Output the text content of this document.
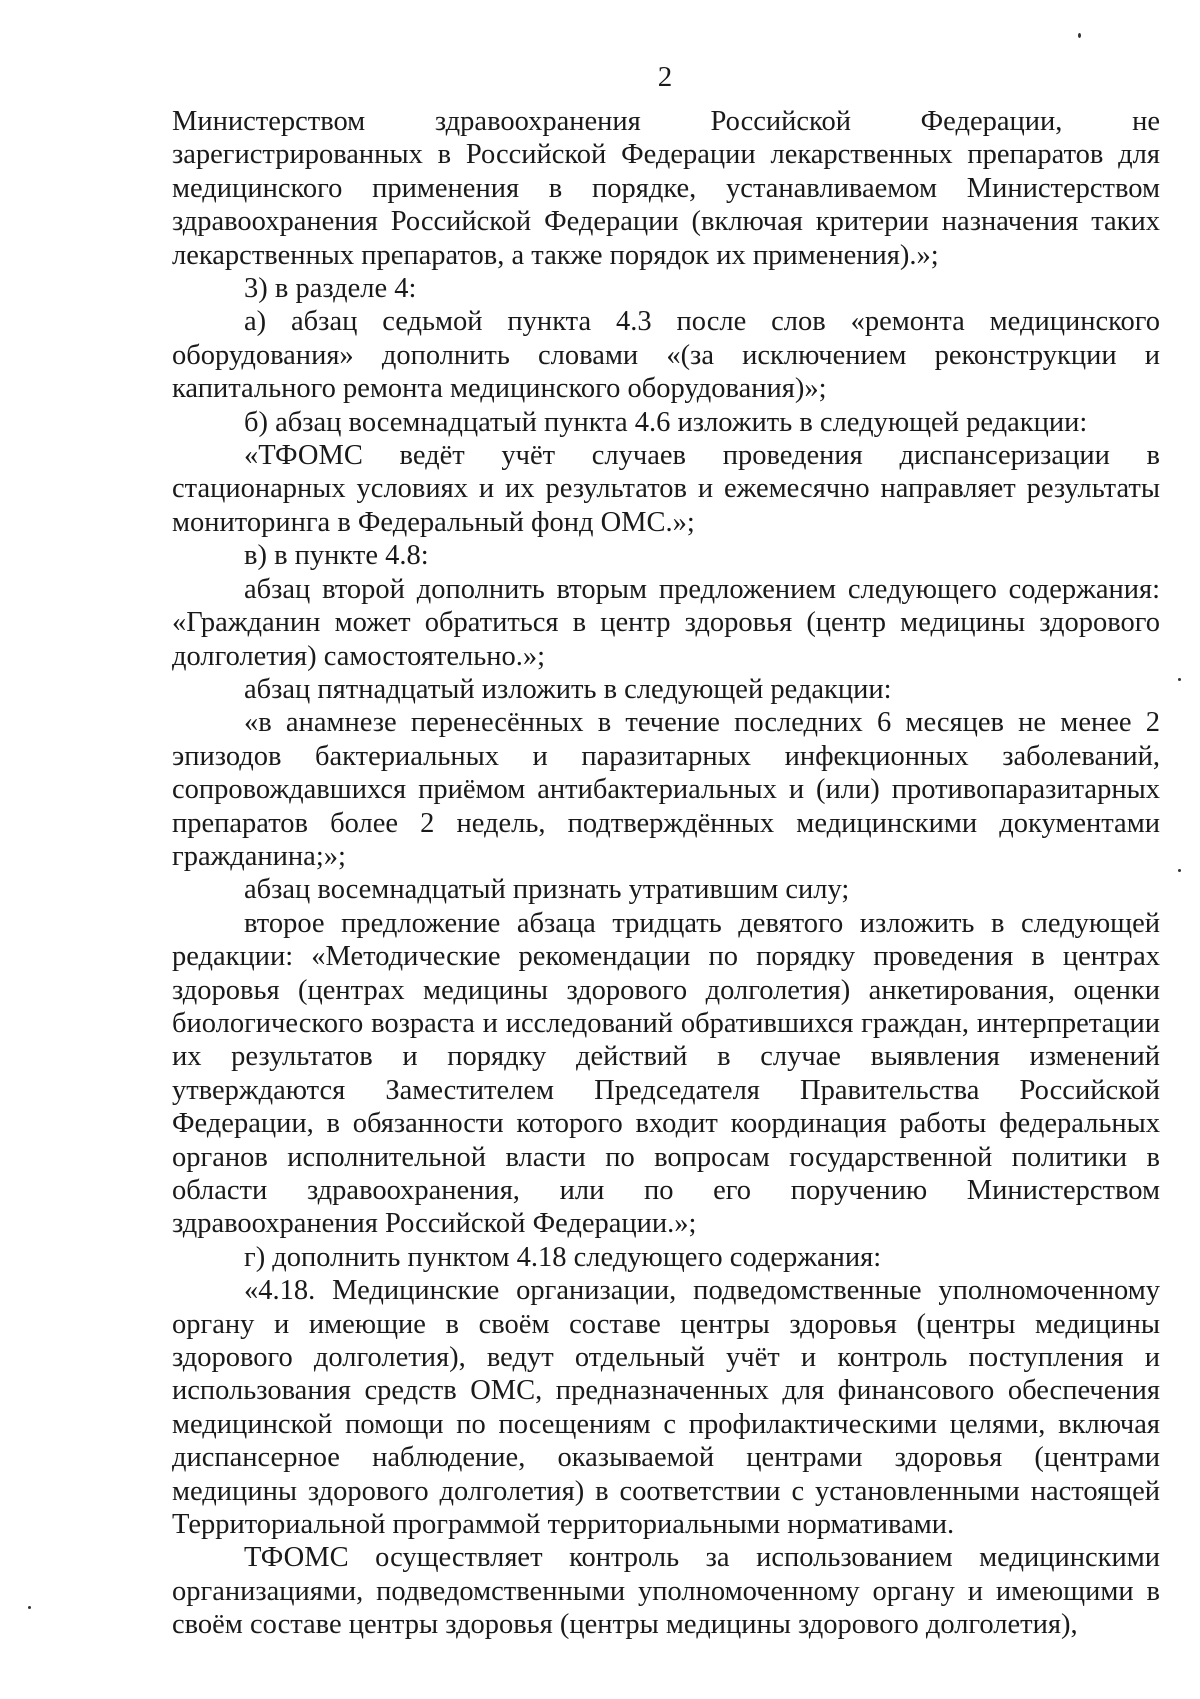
2

Министерством здравоохранения Российской Федерации, не зарегистрированных в Российской Федерации лекарственных препаратов для медицинского применения в порядке, устанавливаемом Министерством здравоохранения Российской Федерации (включая критерии назначения таких лекарственных препаратов, а также порядок их применения).»;

3) в разделе 4:

а) абзац седьмой пункта 4.3 после слов «ремонта медицинского оборудования» дополнить словами «(за исключением реконструкции и капитального ремонта медицинского оборудования)»;

б) абзац восемнадцатый пункта 4.6 изложить в следующей редакции:

«ТФОМС ведёт учёт случаев проведения диспансеризации в стационарных условиях и их результатов и ежемесячно направляет результаты мониторинга в Федеральный фонд ОМС.»;

в) в пункте 4.8:

абзац второй дополнить вторым предложением следующего содержания: «Гражданин может обратиться в центр здоровья (центр медицины здорового долголетия) самостоятельно.»;

абзац пятнадцатый изложить в следующей редакции:

«в анамнезе перенесённых в течение последних 6 месяцев не менее 2 эпизодов бактериальных и паразитарных инфекционных заболеваний, сопровождавшихся приёмом антибактериальных и (или) противопаразитарных препаратов более 2 недель, подтверждённых медицинскими документами гражданина;»;

абзац восемнадцатый признать утратившим силу;

второе предложение абзаца тридцать девятого изложить в следующей редакции: «Методические рекомендации по порядку проведения в центрах здоровья (центрах медицины здорового долголетия) анкетирования, оценки биологического возраста и исследований обратившихся граждан, интерпретации их результатов и порядку действий в случае выявления изменений утверждаются Заместителем Председателя Правительства Российской Федерации, в обязанности которого входит координация работы федеральных органов исполнительной власти по вопросам государственной политики в области здравоохранения, или по его поручению Министерством здравоохранения Российской Федерации.»;

г) дополнить пунктом 4.18 следующего содержания:

«4.18. Медицинские организации, подведомственные уполномоченному органу и имеющие в своём составе центры здоровья (центры медицины здорового долголетия), ведут отдельный учёт и контроль поступления и использования средств ОМС, предназначенных для финансового обеспечения медицинской помощи по посещениям с профилактическими целями, включая диспансерное наблюдение, оказываемой центрами здоровья (центрами медицины здорового долголетия) в соответствии с установленными настоящей Территориальной программой территориальными нормативами.

ТФОМС осуществляет контроль за использованием медицинскими организациями, подведомственными уполномоченному органу и имеющими в своём составе центры здоровья (центры медицины здорового долголетия),
